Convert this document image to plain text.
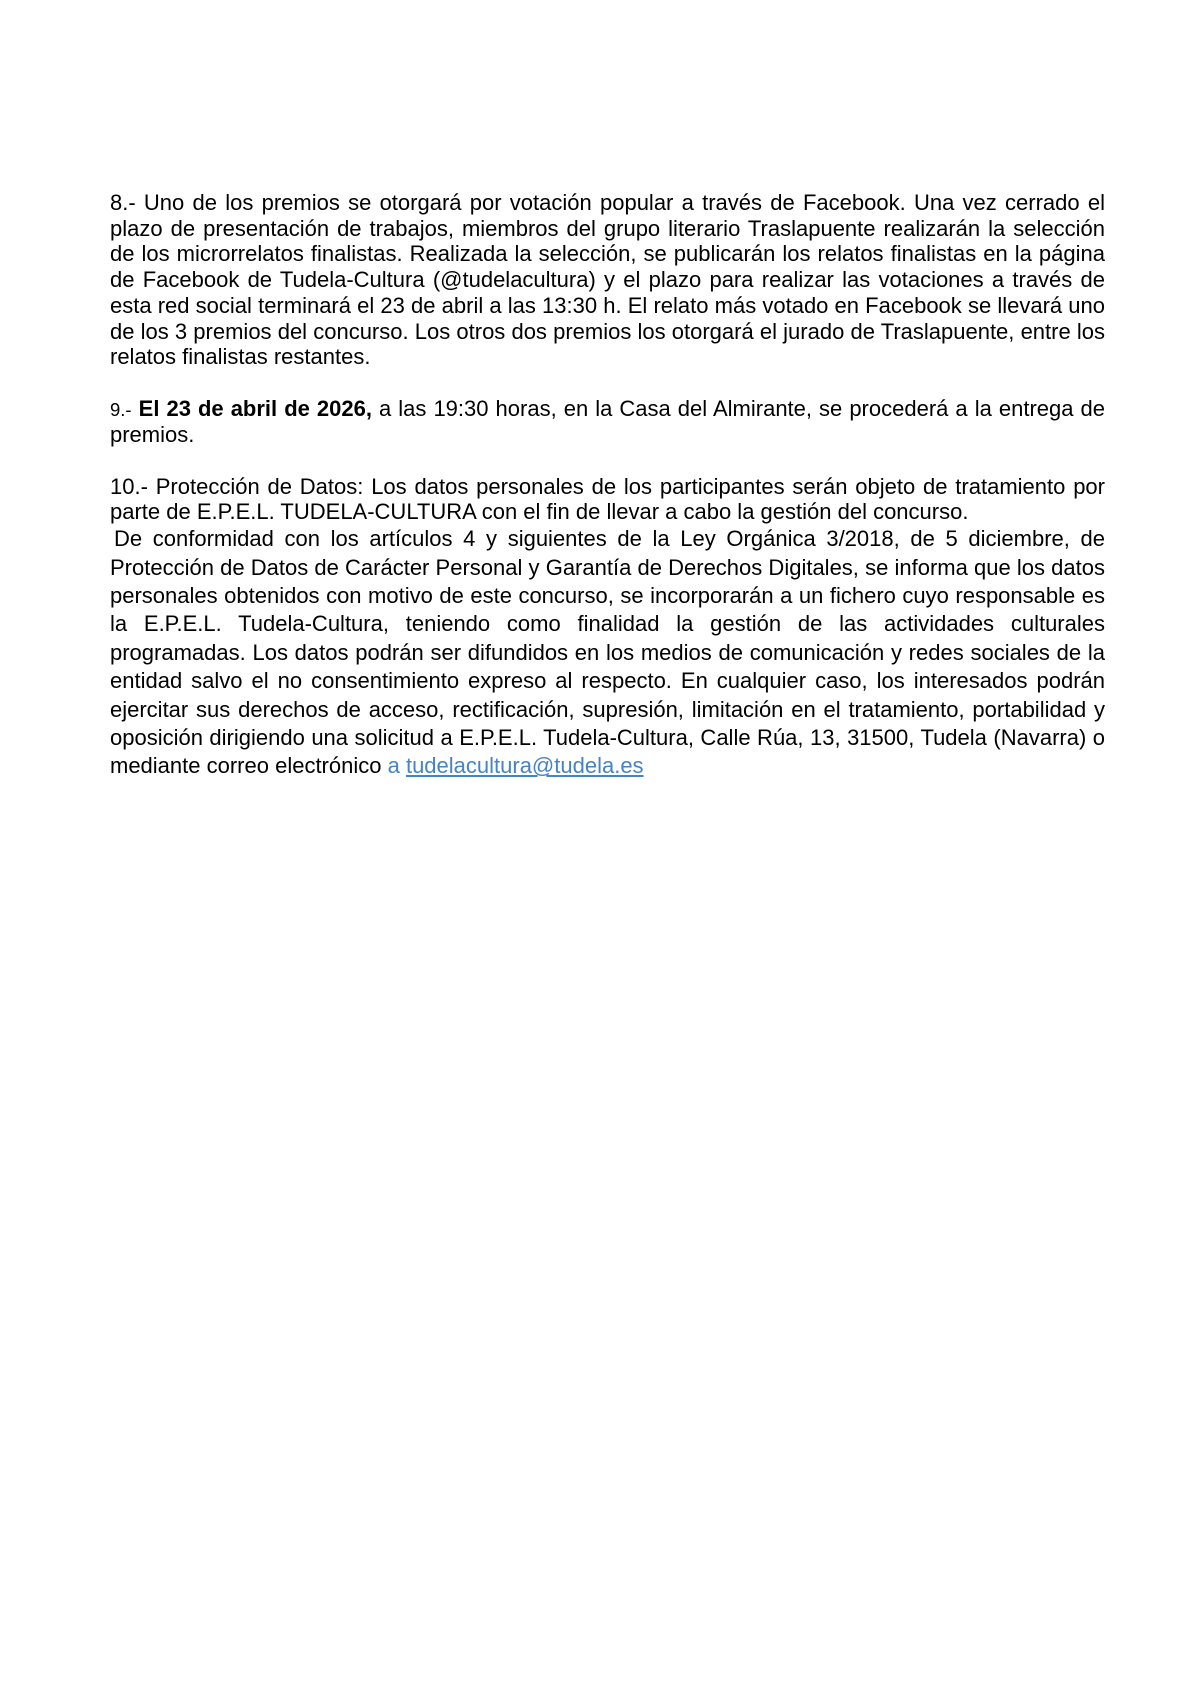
8.- Uno de los premios se otorgará por votación popular a través de Facebook. Una vez cerrado el plazo de presentación de trabajos, miembros del grupo literario Traslapuente realizarán la selección de los microrrelatos finalistas. Realizada la selección, se publicarán los relatos finalistas en la página de Facebook de Tudela-Cultura (@tudelacultura) y el plazo para realizar las votaciones a través de esta red social terminará el 23 de abril a las 13:30 h. El relato más votado en Facebook se llevará uno de los 3 premios del concurso. Los otros dos premios los otorgará el jurado de Traslapuente, entre los relatos finalistas restantes.

9.- El 23 de abril de 2026, a las 19:30 horas, en la Casa del Almirante, se procederá a la entrega de premios.

10.- Protección de Datos: Los datos personales de los participantes serán objeto de tratamiento por parte de E.P.E.L. TUDELA-CULTURA con el fin de llevar a cabo la gestión del concurso.

De conformidad con los artículos 4 y siguientes de la Ley Orgánica 3/2018, de 5 diciembre, de Protección de Datos de Carácter Personal y Garantía de Derechos Digitales, se informa que los datos personales obtenidos con motivo de este concurso, se incorporarán a un fichero cuyo responsable es la E.P.E.L. Tudela-Cultura, teniendo como finalidad la gestión de las actividades culturales programadas. Los datos podrán ser difundidos en los medios de comunicación y redes sociales de la entidad salvo el no consentimiento expreso al respecto. En cualquier caso, los interesados podrán ejercitar sus derechos de acceso, rectificación, supresión, limitación en el tratamiento, portabilidad y oposición dirigiendo una solicitud a E.P.E.L. Tudela-Cultura, Calle Rúa, 13, 31500, Tudela (Navarra) o mediante correo electrónico a tudelacultura@tudela.es
